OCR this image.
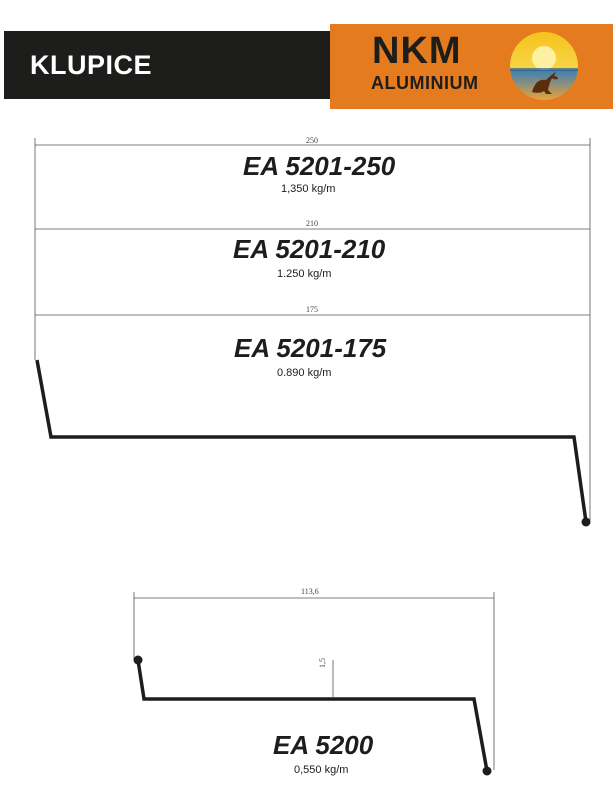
KLUPICE	NKM
ALUMINIUM
250
EA 5201-250
1,350 kg/m
210
EA 5201-210
1.250 kg/m
175
EA 5201-175
0.890 kg/m
113,6
1,5
EA 5200
0,550 kg/m
